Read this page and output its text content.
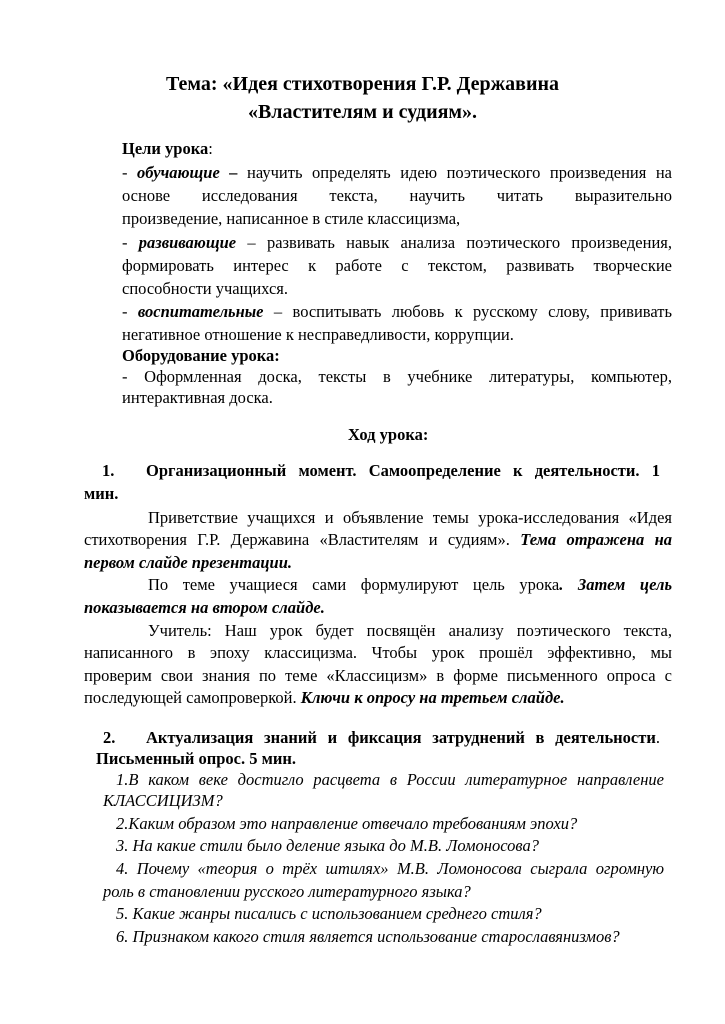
Тема: «Идея стихотворения Г.Р. Державина
«Властителям и судиям».
Цели урока:
- обучающие – научить определять идею поэтического произведения на
основе исследования текста, научить читать выразительно
произведение, написанное в стиле классицизма,
- развивающие – развивать навык анализа поэтического произведения,
формировать интерес к работе с текстом, развивать творческие
способности учащихся.
- воспитательные – воспитывать любовь к русскому слову, прививать
негативное отношение к несправедливости, коррупции.
Оборудование урока:
- Оформленная доска, тексты в учебнике литературы, компьютер,
интерактивная доска.
Ход урока:
1. Организационный момент. Самоопределение к деятельности. 1
мин.
Приветствие учащихся и объявление темы урока-исследования «Идея
стихотворения Г.Р. Державина «Властителям и судиям». Тема отражена на
первом слайде презентации.
По теме учащиеся сами формулируют цель урока. Затем цель
показывается на втором слайде.
Учитель: Наш урок будет посвящён анализу поэтического текста,
написанного в эпоху классицизма. Чтобы урок прошёл эффективно, мы
проверим свои знания по теме «Классицизм» в форме письменного опроса с
последующей самопроверкой. Ключи к опросу на третьем слайде.
2. Актуализация знаний и фиксация затруднений в деятельности.
Письменный опрос. 5 мин.
1.В каком веке достигло расцвета в России литературное направление
КЛАССИЦИЗМ?
2.Каким образом это направление отвечало требованиям эпохи?
3. На какие стили было деление языка до М.В. Ломоносова?
4. Почему «теория о трёх штилях» М.В. Ломоносова сыграла огромную
роль в становлении русского литературного языка?
5. Какие жанры писались с использованием среднего стиля?
6. Признаком какого стиля является использование старославянизмов?
